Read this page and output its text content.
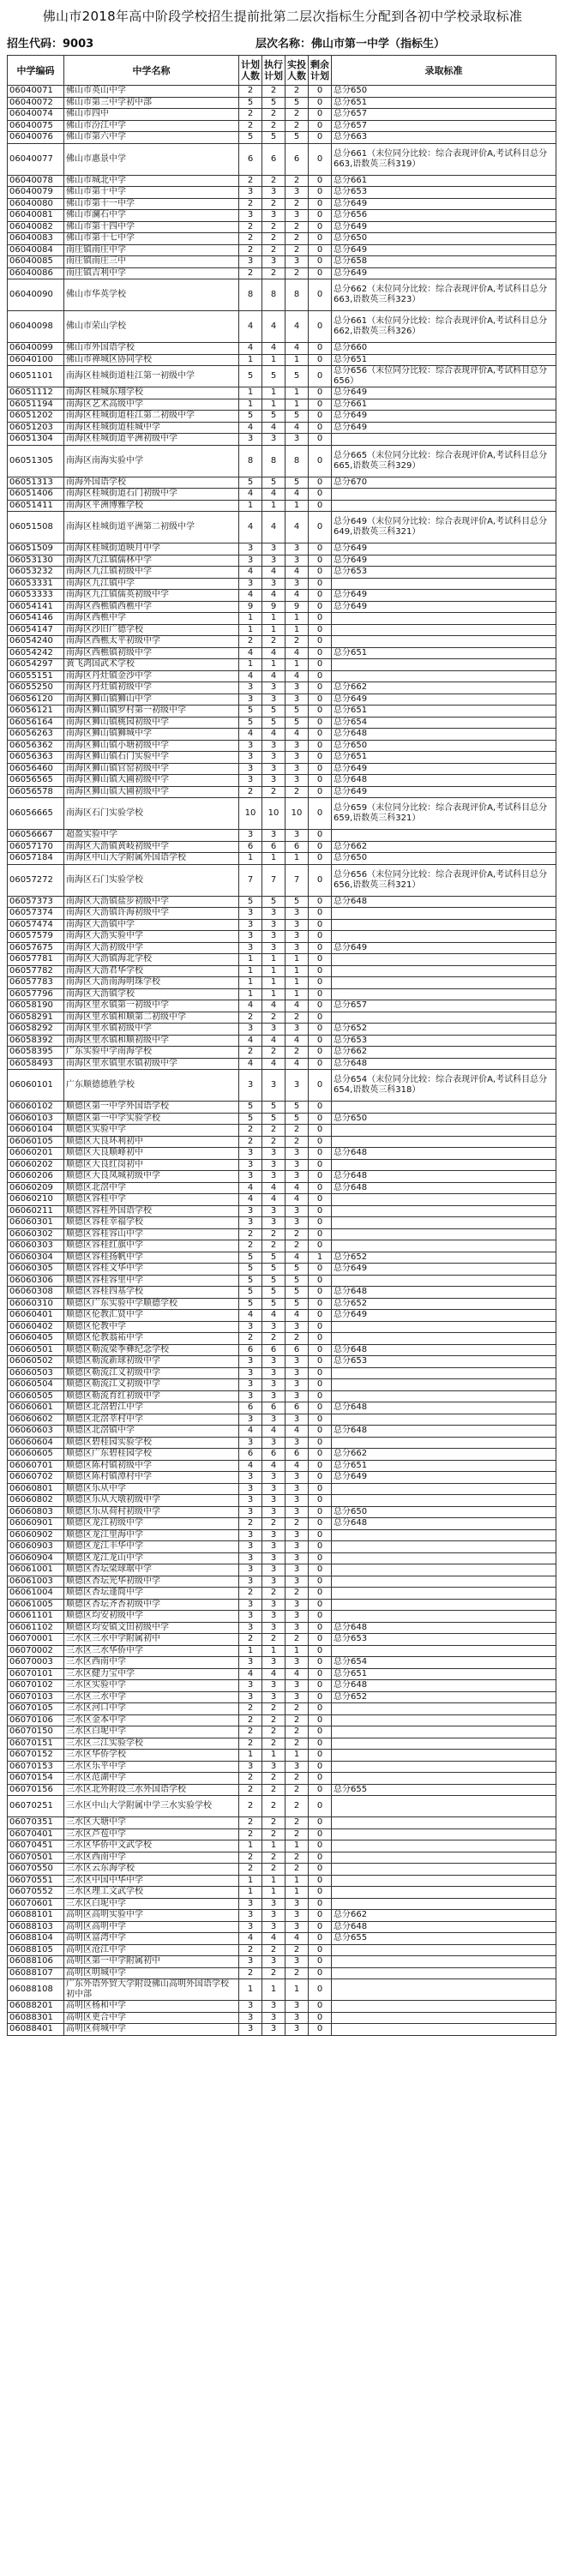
佛山市2018年高中阶段学校招生提前批第二层次指标生分配到各初中学校录取标准
招生代码：9003	层次名称：佛山市第一中学（指标生）
中学编码	中学名称	计划人数	执行计划	实投人数	剩余计划	录取标准
06040071	佛山市英山中学	2	2	2	0	总分650
06040072	佛山市第三中学初中部	5	5	5	0	总分651
06040074	佛山市四中	2	2	2	0	总分657
06040075	佛山市汾江中学	2	2	2	0	总分657
06040076	佛山市第六中学	5	5	5	0	总分663
06040077	佛山市惠景中学	6	6	6	0	总分661（末位同分比较：综合表现评价A,考试科目总分663,语数英三科319）
06040078	佛山市城北中学	2	2	2	0	总分661
06040079	佛山市第十中学	3	3	3	0	总分653
06040080	佛山市第十一中学	2	2	2	0	总分649
06040081	佛山市澜石中学	3	3	3	0	总分656
06040082	佛山市第十四中学	2	2	2	0	总分649
06040083	佛山市第十七中学	2	2	2	0	总分650
06040084	南庄镇南庄中学	2	2	2	0	总分649
06040085	南庄镇南庄三中	3	3	3	0	总分658
06040086	南庄镇吉利中学	2	2	2	0	总分649
06040090	佛山市华英学校	8	8	8	0	总分662（末位同分比较：综合表现评价A,考试科目总分663,语数英三科323）
06040098	佛山市荣山学校	4	4	4	0	总分661（末位同分比较：综合表现评价A,考试科目总分662,语数英三科326）
06040099	佛山市外国语学校	4	4	4	0	总分660
06040100	佛山市禅城区协同学校	1	1	1	0	总分651
06051101	南海区桂城街道桂江第一初级中学	5	5	5	0	总分656（末位同分比较：综合表现评价A,考试科目总分656）
06051112	南海区桂城东翔学校	1	1	1	0	总分649
06051194	南海区艺术高级中学	1	1	1	0	总分661
06051202	南海区桂城街道桂江第二初级中学	5	5	5	0	总分649
06051203	南海区桂城街道桂城中学	4	4	4	0	总分649
06051304	南海区桂城街道平洲初级中学	3	3	3	0	
06051305	南海区南海实验中学	8	8	8	0	总分665（末位同分比较：综合表现评价A,考试科目总分665,语数英三科329）
06051313	南海外国语学校	5	5	5	0	总分670
06051406	南海区桂城街道石门初级中学	4	4	4	0	
06051411	南海区平洲博雅学校	1	1	1	0	
06051508	南海区桂城街道平洲第二初级中学	4	4	4	0	总分649（末位同分比较：综合表现评价A,考试科目总分649,语数英三科321）
06051509	南海区桂城街道映月中学	3	3	3	0	总分649
06053130	南海区九江镇儒林中学	3	3	3	0	总分649
06053232	南海区九江镇初级中学	4	4	4	0	总分653
06053331	南海区九江镇中学	3	3	3	0	
06053333	南海区九江镇儒英初级中学	4	4	4	0	总分649
06054141	南海区西樵镇西樵中学	9	9	9	0	总分649
06054146	南海区西樵中学	1	1	1	0	
06054147	南海区沙旧广德学校	1	1	1	0	
06054240	南海区西樵太平初级中学	2	2	2	0	
06054242	南海区西樵镇初级中学	4	4	4	0	总分651
06054297	黄飞鸿国武术学校	1	1	1	0	
06055151	南海区丹灶镇金沙中学	4	4	4	0	
06055250	南海区丹灶镇初级中学	3	3	3	0	总分662
06056120	南海区狮山镇狮山中学	3	3	3	0	总分649
06056121	南海区狮山镇罗村第一初级中学	5	5	5	0	总分651
06056164	南海区狮山镇桃园初级中学	5	5	5	0	总分654
06056263	南海区狮山镇狮城中学	4	4	4	0	总分648
06056362	南海区狮山镇小塘初级中学	3	3	3	0	总分650
06056363	南海区狮山镇石门实验中学	3	3	3	0	总分651
06056460	南海区狮山镇官窑初级中学	3	3	3	0	总分649
06056565	南海区狮山镇大圃初级中学	3	3	3	0	总分648
06056578	南海区狮山镇大圃初级中学	2	2	2	0	总分649
06056665	南海区石门实验学校	10	10	10	0	总分659（末位同分比较：综合表现评价A,考试科目总分659,语数英三科321）
06056667	超盈实验中学	3	3	3	0	
06057170	南海区大沥镇黄岐初级中学	6	6	6	0	总分662
06057184	南海区中山大学附属外国语学校	1	1	1	0	总分650
06057272	南海区石门实验学校	7	7	7	0	总分656（末位同分比较：综合表现评价A,考试科目总分656,语数英三科321）
06057373	南海区大沥镇盐步初级中学	5	5	5	0	总分648
06057374	南海区大沥镇许海初级中学	3	3	3	0	
06057474	南海区大沥镇中学	3	3	3	0	
06057579	南海区大沥实验中学	3	3	3	0	
06057675	南海区大沥初级中学	3	3	3	0	总分649
06057781	南海区大沥镇海北学校	1	1	1	0	
06057782	南海区大沥君华学校	1	1	1	0	
06057783	南海区大沥南海明珠学校	1	1	1	0	
06057796	南海区大沥镇学校	1	1	1	0	
06058190	南海区里水镇第一初级中学	4	4	4	0	总分657
06058291	南海区里水镇和顺第二初级中学	2	2	2	0	
06058292	南海区里水镇初级中学	3	3	3	0	总分652
06058392	南海区里水镇和顺初级中学	4	4	4	0	总分653
06058395	广东实验中学南海学校	2	2	2	0	总分662
06058493	南海区里水镇里水镇初级中学	4	4	4	0	总分648
06060101	广东顺德德胜学校	3	3	3	0	总分654（末位同分比较：综合表现评价A,考试科目总分654,语数英三科318）
06060102	顺德区第一中学外国语学校	5	5	5	0	
06060103	顺德区第一中学实验学校	5	5	5	0	总分650
06060104	顺德区实验中学	2	2	2	0	
06060105	顺德区大良环利初中	2	2	2	0	
06060201	顺德区大良顺峰初中	3	3	3	0	总分648
06060202	顺德区大良红岗初中	3	3	3	0	
06060206	顺德区大良凤城初级中学	3	3	3	0	总分648
06060209	顺德区北滘中学	4	4	4	0	总分648
06060210	顺德区容桂中学	4	4	4	0	
06060211	顺德区容桂外国语学校	3	3	3	0	
06060301	顺德区容桂幸福学校	3	3	3	0	
06060302	顺德区容桂容山中学	2	2	2	0	
06060303	顺德区容桂红旗中学	2	2	2	0	
06060304	顺德区容桂扬帆中学	5	5	4	1	总分652
06060305	顺德区容桂文华中学	5	5	5	0	总分649
06060306	顺德区容桂容里中学	5	5	5	0	
06060308	顺德区容桂四基学校	5	5	5	0	总分648
06060310	顺德区广东实验中学顺德学校	5	5	5	0	总分652
06060401	顺德区伦教汇贤中学	4	4	4	0	总分649
06060402	顺德区伦教中学	3	3	3	0	
06060405	顺德区伦教翁祐中学	2	2	2	0	
06060501	顺德区勒流梁季彝纪念学校	6	6	6	0	总分648
06060502	顺德区勒流新球初级中学	3	3	3	0	总分653
06060503	顺德区勒流江义初级中学	3	3	3	0	
06060504	顺德区勒流江义初级中学	3	3	3	0	
06060505	顺德区勒流育红初级中学	3	3	3	0	
06060601	顺德区北滘碧江中学	6	6	6	0	总分648
06060602	顺德区北滘莘村中学	3	3	3	0	
06060603	顺德区北滘镇中学	4	4	4	0	总分648
06060604	顺德区碧桂园实验学校	3	3	3	0	
06060605	顺德区广东碧桂园学校	6	6	6	0	总分662
06060701	顺德区陈村镇初级中学	4	4	4	0	总分651
06060702	顺德区陈村镇潭村中学	3	3	3	0	总分649
06060801	顺德区乐从中学	3	3	3	0	
06060802	顺德区乐从大墩初级中学	3	3	3	0	
06060803	顺德区乐从荷村初级中学	3	3	3	0	总分650
06060901	顺德区龙江初级中学	2	2	2	0	总分648
06060902	顺德区龙江里海中学	3	3	3	0	
06060903	顺德区龙江丰华中学	3	3	3	0	
06060904	顺德区龙江龙山中学	3	3	3	0	
06061001	顺德区杏坛梁球琚中学	3	3	3	0	
06061003	顺德区杏坛光华初级中学	3	3	3	0	
06061004	顺德区杏坛逢简中学	2	2	2	0	
06061005	顺德区杏坛齐杏初级中学	3	3	3	0	
06061101	顺德区均安初级中学	3	3	3	0	
06061102	顺德区均安镇文田初级中学	3	3	3	0	总分648
06070001	三水区三水中学附属初中	2	2	2	0	总分653
06070002	三水区三水华侨中学	1	1	1	0	
06070003	三水区西南中学	3	3	3	0	总分654
06070101	三水区健力宝中学	4	4	4	0	总分651
06070102	三水区实验中学	3	3	3	0	总分648
06070103	三水区三水中学	3	3	3	0	总分652
06070105	三水区河口中学	2	2	2	0	
06070106	三水区金本中学	2	2	2	0	
06070150	三水区白坭中学	2	2	2	0	
06070151	三水区三江实验学校	2	2	2	0	
06070152	三水区华侨学校	1	1	1	0	
06070153	三水区乐平中学	3	3	3	0	
06070154	三水区范湖中学	2	2	2	0	
06070156	三水区北外附设三水外国语学校	2	2	2	0	总分655
06070251	三水区中山大学附属中学三水实验学校	2	2	2	0	
06070351	三水区大塘中学	2	2	2	0	
06070401	三水区芦苞中学	2	2	2	0	
06070451	三水区华侨中文武学校	1	1	1	0	
06070501	三水区西南中学	2	2	2	0	
06070550	三水区云东海学校	2	2	2	0	
06070551	三水区中国中华中学	1	1	1	0	
06070552	三水区理工文武学校	1	1	1	0	
06070601	三水区白坭中学	3	3	3	0	
06088101	高明区高明实验中学	3	3	3	0	总分662
06088103	高明区高明中学	3	3	3	0	总分648
06088104	高明区富湾中学	4	4	4	0	总分655
06088105	高明区沧江中学	2	2	2	0	
06088106	高明区第一中学附属初中	3	3	3	0	
06088107	高明区明城中学	2	2	2	0	
06088108	广东外语外贸大学附设佛山高明外国语学校初中部	1	1	1	0	
06088201	高明区杨和中学	3	3	3	0	
06088301	高明区更合中学	3	3	3	0	
06088401	高明区荷城中学	3	3	3	0	
